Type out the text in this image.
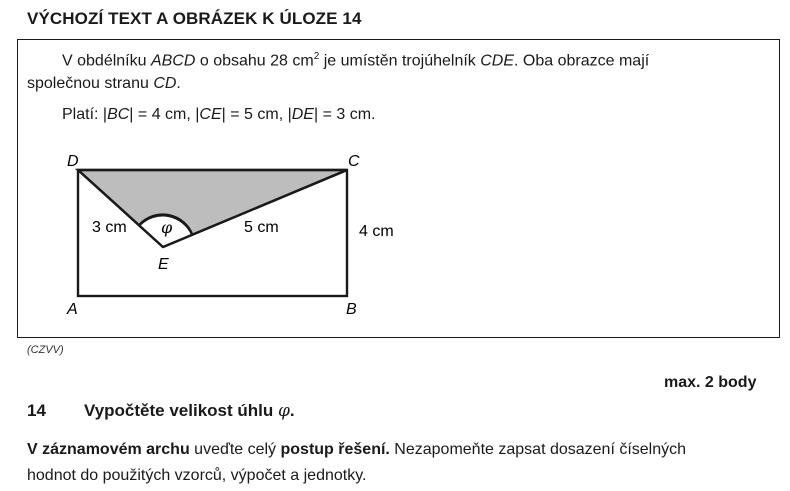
VÝCHOZÍ TEXT A OBRÁZEK K ÚLOZE 14
V obdélníku ABCD o obsahu 28 $cm^2$ je umístěn trojúhelník CDE. Oba obrazce mají
společnou stranu CD.
Platí: |BC| = 4 cm, |CE| = 5 cm, |DE| = 3 cm.
φ
D	C
A	B
E
3 cm	5 cm	4 cm
(CZVV)
max. 2 body
14 Vypočtěte velikost úhlu φ.
V záznamovém archu uveďte celý postup řešení. Nezapomeňte zapsat dosazení číselných
hodnot do použitých vzorců, výpočet a jednotky.
